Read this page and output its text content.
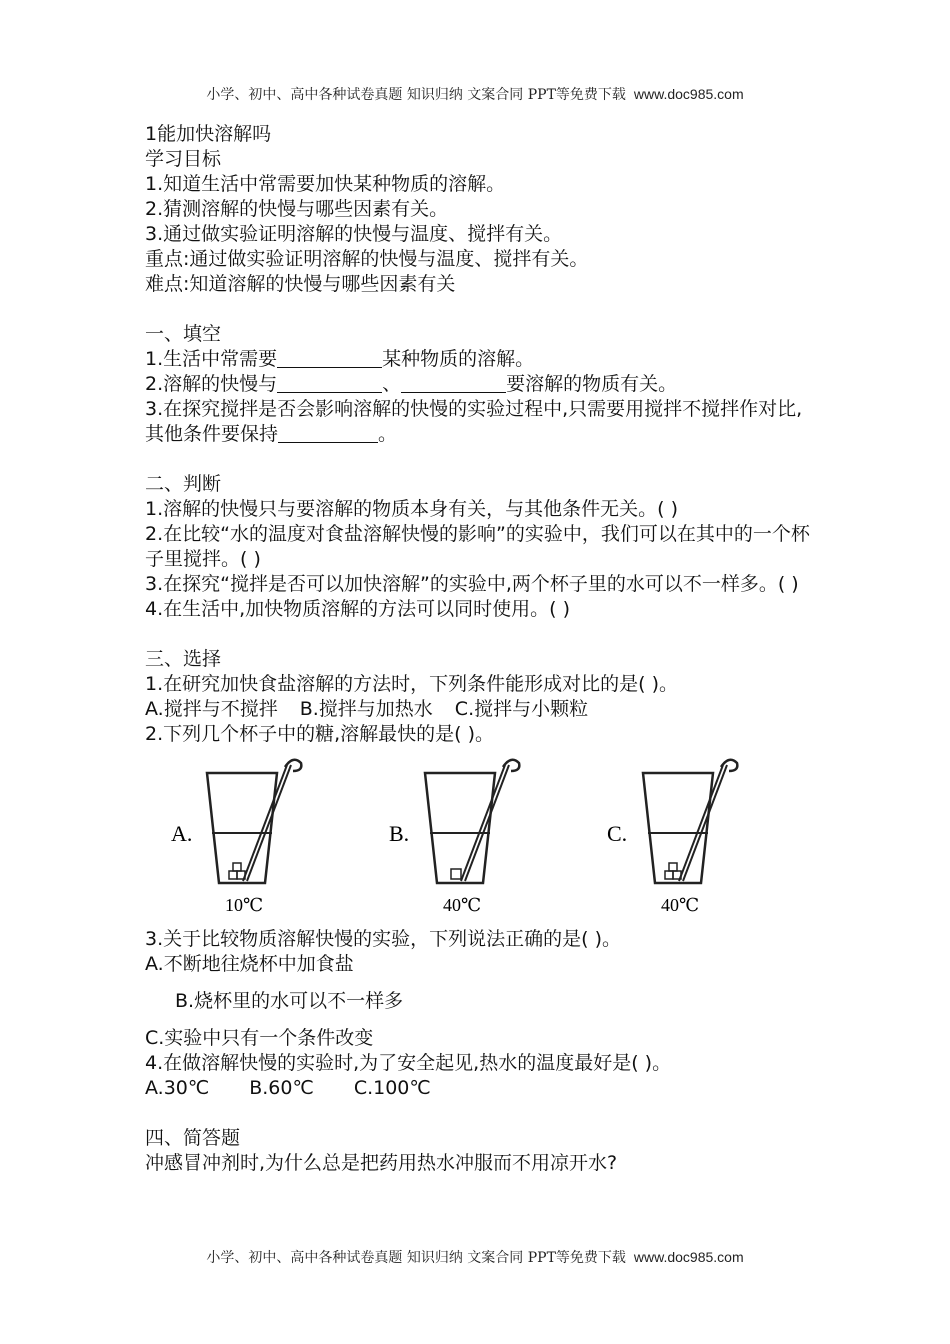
小学、初中、高中各种试卷真题 知识归纳 文案合同 PPT等免费下载 www.doc985.com
1能加快溶解吗
学习目标
1.知道生活中常需要加快某种物质的溶解。
2.猜测溶解的快慢与哪些因素有关。
3.通过做实验证明溶解的快慢与温度、搅拌有关。
重点:通过做实验证明溶解的快慢与温度、搅拌有关。
难点:知道溶解的快慢与哪些因素有关
一、填空
1.生活中常需要	某种物质的溶解。
2.溶解的快慢与	、	要溶解的物质有关。
3.在探究搅拌是否会影响溶解的快慢的实验过程中,只需要用搅拌不搅拌作对比,其他条件要保持	。
二、判断
1.溶解的快慢只与要溶解的物质本身有关，与其他条件无关。( )
2.在比较“水的温度对食盐溶解快慢的影响”的实验中，我们可以在其中的一个杯子里搅拌。( )
3.在探究“搅拌是否可以加快溶解”的实验中,两个杯子里的水可以不一样多。( )
4.在生活中,加快物质溶解的方法可以同时使用。( )
三、选择
1.在研究加快食盐溶解的方法时，下列条件能形成对比的是( )。
A.搅拌与不搅拌 B.搅拌与加热水 C.搅拌与小颗粒
2.下列几个杯子中的糖,溶解最快的是( )。
A.
10℃
B.
40℃
C.
40℃
3.关于比较物质溶解快慢的实验，下列说法正确的是( )。
A.不断地往烧杯中加食盐
B.烧杯里的水可以不一样多
C.实验中只有一个条件改变
4.在做溶解快慢的实验时,为了安全起见,热水的温度最好是( )。
A.30℃ B.60℃ C.100℃
四、简答题
冲感冒冲剂时,为什么总是把药用热水冲服而不用凉开水?
小学、初中、高中各种试卷真题 知识归纳 文案合同 PPT等免费下载 www.doc985.com
